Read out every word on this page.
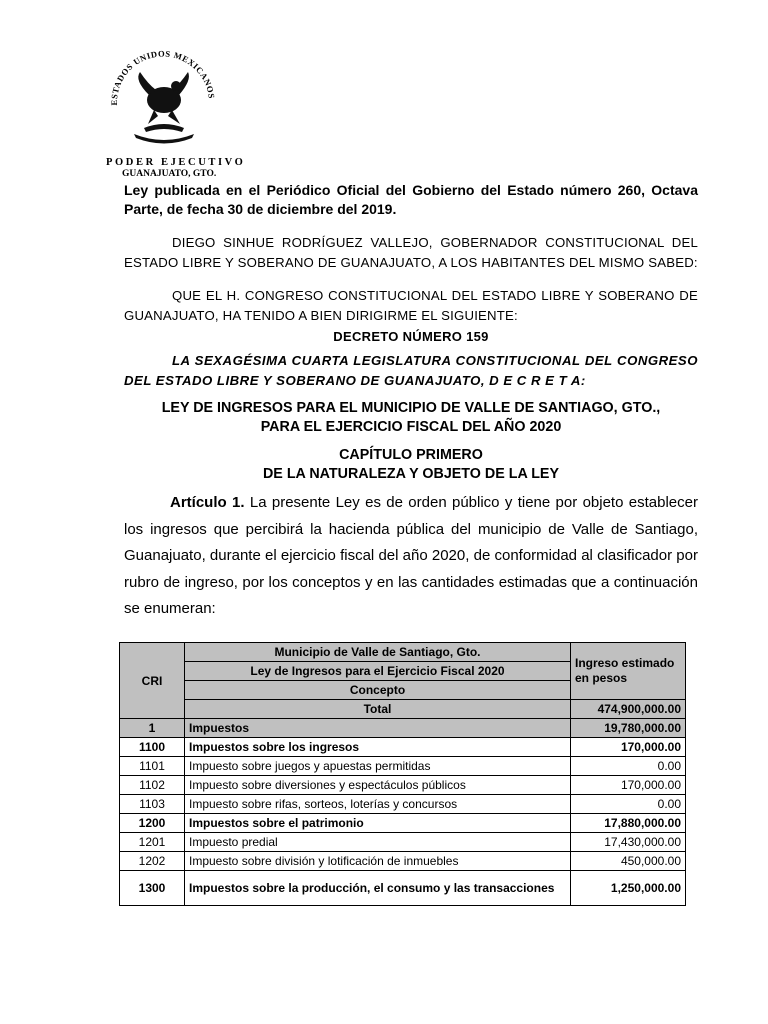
ESTADOS UNIDOS MEXICANOS
PODER EJECUTIVO
GUANAJUATO, GTO.
Ley publicada en el Periódico Oficial del Gobierno del Estado número 260, Octava Parte, de fecha 30 de diciembre del 2019.
DIEGO SINHUE RODRÍGUEZ VALLEJO, GOBERNADOR CONSTITUCIONAL DEL ESTADO LIBRE Y SOBERANO DE GUANAJUATO, A LOS HABITANTES DEL MISMO SABED:
QUE EL H. CONGRESO CONSTITUCIONAL DEL ESTADO LIBRE Y SOBERANO DE GUANAJUATO, HA TENIDO A BIEN DIRIGIRME EL SIGUIENTE:
DECRETO NÚMERO 159
LA SEXAGÉSIMA CUARTA LEGISLATURA CONSTITUCIONAL DEL CONGRESO DEL ESTADO LIBRE Y SOBERANO DE GUANAJUATO, D E C R E T A:
LEY DE INGRESOS PARA EL MUNICIPIO DE VALLE DE SANTIAGO, GTO.,
PARA EL EJERCICIO FISCAL DEL AÑO 2020
CAPÍTULO PRIMERO
DE LA NATURALEZA Y OBJETO DE LA LEY
Artículo 1. La presente Ley es de orden público y tiene por objeto establecer los ingresos que percibirá la hacienda pública del municipio de Valle de Santiago, Guanajuato, durante el ejercicio fiscal del año 2020, de conformidad al clasificador por rubro de ingreso, por los conceptos y en las cantidades estimadas que a continuación se enumeran:
CRI	Municipio de Valle de Santiago, Gto.	Ingreso estimado en pesos
	Ley de Ingresos para el Ejercicio Fiscal 2020	
	Concepto	
	Total	474,900,000.00
1	Impuestos	19,780,000.00
1100	Impuestos sobre los ingresos	170,000.00
1101	Impuesto sobre juegos y apuestas permitidas	0.00
1102	Impuesto sobre diversiones y espectáculos públicos	170,000.00
1103	Impuesto sobre rifas, sorteos, loterías y concursos	0.00
1200	Impuestos sobre el patrimonio	17,880,000.00
1201	Impuesto predial	17,430,000.00
1202	Impuesto sobre división y lotificación de inmuebles	450,000.00
1300	Impuestos sobre la producción, el consumo y las transacciones	1,250,000.00
